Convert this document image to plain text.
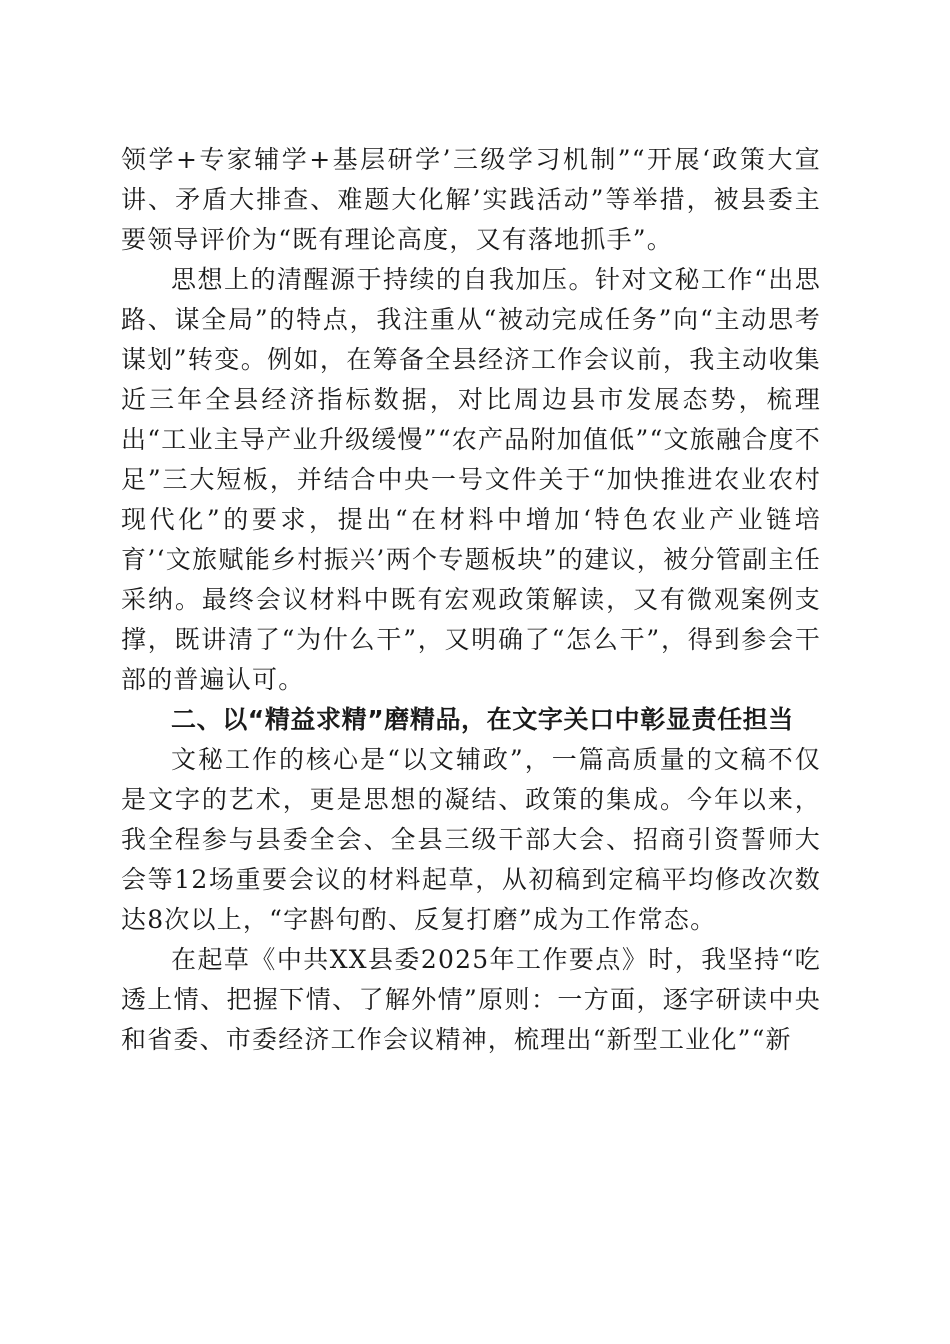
领学+专家辅学+基层研学’三级学习机制”“开展‘政策大宣讲、矛盾大排查、难题大化解’实践活动”等举措，被县委主要领导评价为“既有理论高度，又有落地抓手”。

思想上的清醒源于持续的自我加压。针对文秘工作“出思路、谋全局”的特点，我注重从“被动完成任务”向“主动思考谋划”转变。例如，在筹备全县经济工作会议前，我主动收集近三年全县经济指标数据，对比周边县市发展态势，梳理出“工业主导产业升级缓慢”“农产品附加值低”“文旅融合度不足”三大短板，并结合中央一号文件关于“加快推进农业农村现代化”的要求，提出“在材料中增加‘特色农业产业链培育’‘文旅赋能乡村振兴’两个专题板块”的建议，被分管副主任采纳。最终会议材料中既有宏观政策解读，又有微观案例支撑，既讲清了“为什么干”，又明确了“怎么干”，得到参会干部的普遍认可。

二、以“精益求精”磨精品，在文字关口中彰显责任担当

文秘工作的核心是“以文辅政”，一篇高质量的文稿不仅是文字的艺术，更是思想的凝结、政策的集成。今年以来，我全程参与县委全会、全县三级干部大会、招商引资誓师大会等12场重要会议的材料起草，从初稿到定稿平均修改次数达8次以上，“字斟句酌、反复打磨”成为工作常态。

在起草《中共XX县委2025年工作要点》时，我坚持“吃透上情、把握下情、了解外情”原则：一方面，逐字研读中央和省委、市委经济工作会议精神，梳理出“新型工业化”“新
